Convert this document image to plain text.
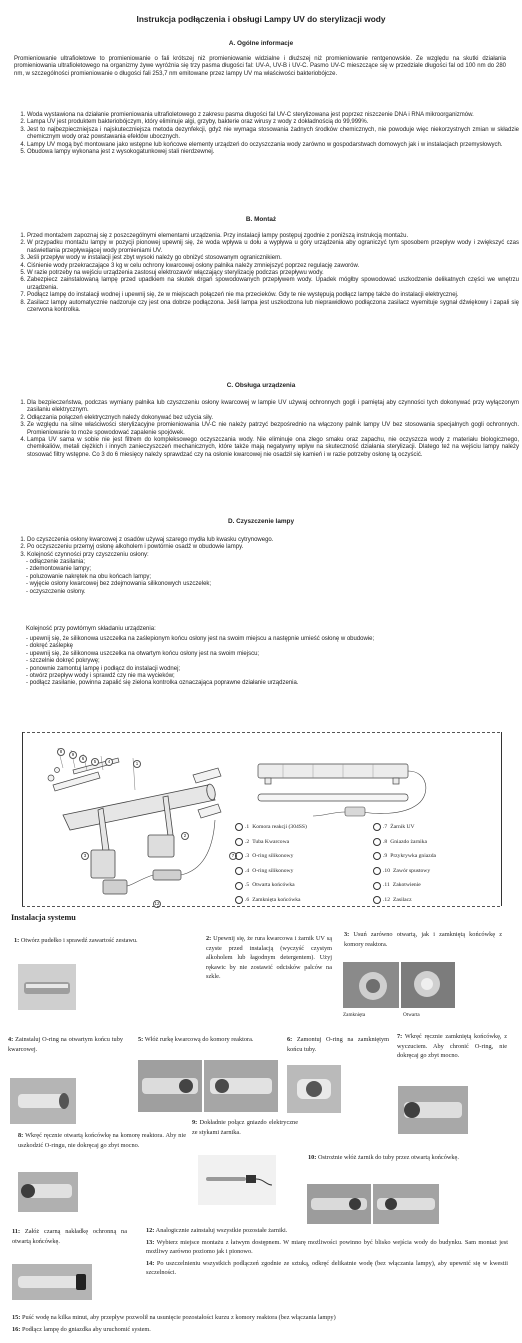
Instrukcja podłączenia i obsługi Lampy UV do sterylizacji wody
A. Ogólne informacje

Promieniowanie ultrafioletowe to promieniowanie o fali krótszej niż promieniowanie widzialne i dłuższej niż promieniowanie rentgenowskie. Ze względu na skutki działania promieniowania ultrafioletowego na organizmy żywe wyróżnia się trzy pasma długości fal: UV-A, UV-B i UV-C. Pasmo UV-C mieszczące się w przedziale długości fal od 100 nm do 280 nm, w szczególności promieniowanie o długości fali 253,7 nm emitowane przez lampy UV ma właściwości bakteriobójcze.

1. Woda wystawiona na działanie promieniowania ultrafioletowego z zakresu pasma długości fal UV-C sterylizowana jest poprzez niszczenie DNA i RNA mikroorganizmów.
2. Lampa UV jest produktem bakteriobójczym, który eliminuje algi, grzyby, bakterie oraz wirusy z wody z dokładnością do 99,999%.
3. Jest to najbezpieczniejsza i najskuteczniejsza metoda dezynfekcji, gdyż nie wymaga stosowania żadnych środków chemicznych, nie powoduje więc niekorzystnych zmian w składzie chemicznym wody oraz powstawania efektów ubocznych.
4. Lampy UV mogą być montowane jako wstępne lub końcowe elementy urządzeń do oczyszczania wody zarówno w gospodarstwach domowych jak i w instalacjach przemysłowych.
5. Obudowa lampy wykonana jest z wysokogatunkowej stali nierdzewnej.
B. Montaż
1. Przed montażem zapoznaj się z poszczególnymi elementami urządzenia. Przy instalacji lampy postępuj zgodnie z poniższą instrukcją montażu.
2. W przypadku montażu lampy w pozycji pionowej upewnij się, że woda wpływa u dołu a wypływa u góry urządzenia aby ograniczyć tym sposobem przepływ wody i zwiększyć czas naświetlania przepływającej wody promieniami UV.
3. Jeśli przepływ wody w instalacji jest zbyt wysoki należy go obniżyć stosowanym ogranicznikiem.
4. Ciśnienie wody przekraczające 3 kg w celu ochrony kwarcowej osłony palnika należy zmniejszyć poprzez regulację zaworów.
5. W razie potrzeby na wejściu urządzenia zastosuj elektrozawór włączający sterylizację podczas przepływu wody.
6. Zabezpiecz zainstalowaną lampę przed upadkiem na skutek drgań spowodowanych przepływem wody. Upadek mógłby spowodować uszkodzenie delikatnych części we wnętrzu urządzenia.
7. Podłącz lampę do instalacji wodnej i upewnij się, że w miejscach połączeń nie ma przecieków. Gdy te nie występują podłącz lampę także do instalacji elektrycznej.
8. Zasilacz lampy automatycznie nadzoruje czy jest ona dobrze podłączona. Jeśli lampa jest uszkodzona lub nieprawidłowo podłączona zasilacz wyemituje sygnał dźwiękowy i zapali się czerwona kontrolka.
C. Obsługa urządzenia
1. Dla bezpieczeństwa, podczas wymiany palnika lub czyszczeniu osłony kwarcowej w lampie UV używaj ochronnych gogli i pamiętaj aby czynności tych dokonywać przy wyłączonym zasilaniu elektrycznym.
2. Odłączania połączeń elektrycznych należy dokonywać bez użycia siły.
3. Ze względu na silne właściwości sterylizacyjne promieniowania UV-C nie należy patrzyć bezpośrednio na włączony palnik lampy UV bez stosowania specjalnych gogli ochronnych. Promieniowanie to może spowodować zapalenie spojówek.
4. Lampa UV sama w sobie nie jest filtrem do kompleksowego oczyszczania wody. Nie eliminuje ona złego smaku oraz zapachu, nie oczyszcza wody z materiału biologicznego, chemikaliów, metali ciężkich i innych zanieczyszczeń mechanicznych, które także mają negatywny wpływ na skuteczność działania sterylizacji. Dlatego też na wejściu lampy należy stosować filtry wstępne. Co 3 do 6 miesięcy należy sprawdzać czy na osłonie kwarcowej nie osadził się kamień i w razie potrzeby osłonę tą oczyścić.
D. Czyszczenie lampy
1. Do czyszczenia osłony kwarcowej z osadów używaj szarego mydła lub kwasku cytrynowego.
2. Po oczyszczeniu przemyj osłonę alkoholem i powtórnie osadź w obudowie lampy.
3. Kolejność czynności przy czyszczeniu osłony:
- odłączenie zasilania;
- zdemontowanie lampy;
- poluzowanie nakrętek na obu końcach lampy;
- wyjęcie osłony kwarcowej bez zdejmowania silikonowych uszczelek;
- oczyszczenie osłony.
Kolejność przy powtórnym składaniu urządzenia:
- upewnij się, że silikonowa uszczelka na zaślepionym końcu osłony jest na swoim miejscu a następnie umieść osłonę w obudowie;
- dokręć zaślepkę
- upewnij się, że silikonowa uszczelka na otwartym końcu osłony jest na swoim miejscu;
- szczelnie dokręć pokrywę;
- ponownie zamontuj lampę i podłącz do instalacji wodnej;
- otwórz przepływ wody i sprawdź czy nie ma wycieków;
- podłącz zasilanie, powinna zapalić się zielona kontrolka oznaczająca poprawne działanie urządzenia.
8
9
6
5	4	1
3
2
7
12
.1 Komora reakcji (304SS)
.2 Tuba Kwarcowa
.3 O-ring silikonowy
.4 O-ring silikonowy
.5 Otwarta końcówka
.6 Zamknięta końcówka
.7 Żarnik UV
.8 Gniazdo żarnika
.9 Przykrywka gniazda
.10 Zawór spustowy
.11 Zakotwienie
.12 Zasilacz
Instalacja systemu

1: Otwórz pudełko i sprawdź zawartość zestawu.	2: Upewnij się, że rura kwarcowa i żarnik UV są czyste przed instalacją (wyczyść czystym alkoholem lub łagodnym detergentem). Użyj rękawic by nie zostawić odcisków palców na szkle.

3: Usuń zarówno otwartą, jak i zamkniętą końcówkę z komory reaktora.

Zamknięta	Otwarta

4: Zainstaluj O-ring na otwartym końcu tuby kwarcowej.

5: Włóż rurkę kwarcową do komory reaktora.	6: Zamontuj O-ring na zamkniętym końcu tuby.

7: Wkręć ręcznie zamkniętą końcówkę, z wyczuciem. Aby chronić O-ring, nie dokręcaj go zbyt mocno.

8: Wkręć ręcznie otwartą końcówkę na komorę reaktora. Aby nie uszkodzić O-ringu, nie dokręcaj go zbyt mocno.

9: Dokładnie połącz gniazdo elektryczne ze stykami żarnika.

10: Ostrożnie włóż żarnik do tuby przez otwartą końcówkę.

11: Załóż czarną nakładkę ochronną na otwartą końcówkę.

12: Analogicznie zainstaluj wszystkie pozostałe żarniki.
13: Wybierz miejsce montażu z łatwym dostępnem. W miarę możliwości powinno być blisko wejścia wody do budynku. Sam montaż jest możliwy zarówno poziomo jak i pionowo.
14: Po uszczelnieniu wszystkich podłączeń zgodnie ze sztuką, odkręć delikatnie wodę (bez włączania lampy), aby upewnić się w kwestii szczelności.
15: Puść wodę na kilka minut, aby przepływ pozwolił na usunięcie pozostałości kurzu z komory reaktora (bez włączania lampy)
16: Podłącz lampę do gniazdka aby uruchomić system.
